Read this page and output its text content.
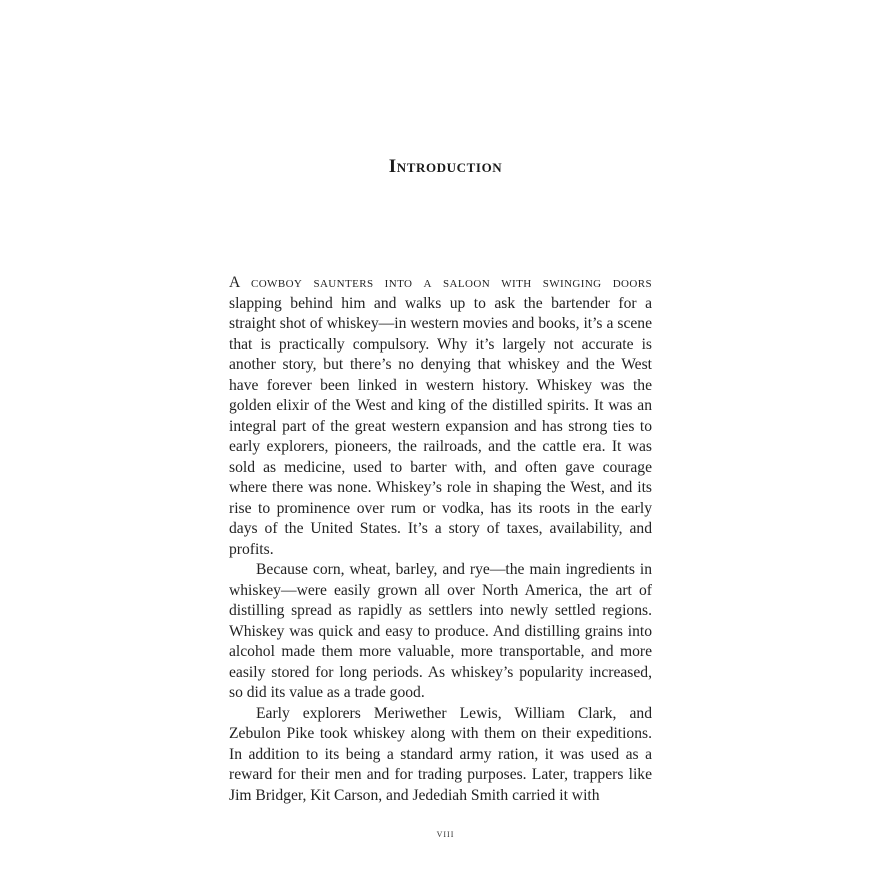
Introduction

A cowboy saunters into a saloon with swinging doors slapping behind him and walks up to ask the bartender for a straight shot of whiskey—in western movies and books, it’s a scene that is practically compulsory. Why it’s largely not accurate is another story, but there’s no denying that whiskey and the West have forever been linked in western history. Whiskey was the golden elixir of the West and king of the distilled spirits. It was an integral part of the great western expansion and has strong ties to early explorers, pioneers, the railroads, and the cattle era. It was sold as medicine, used to barter with, and often gave courage where there was none. Whiskey’s role in shaping the West, and its rise to prominence over rum or vodka, has its roots in the early days of the United States. It’s a story of taxes, availability, and profits.

Because corn, wheat, barley, and rye—the main ingredients in whiskey—were easily grown all over North America, the art of distilling spread as rapidly as settlers into newly settled regions. Whiskey was quick and easy to produce. And distilling grains into alcohol made them more valuable, more transportable, and more easily stored for long periods. As whiskey’s popularity increased, so did its value as a trade good.

Early explorers Meriwether Lewis, William Clark, and Zebulon Pike took whiskey along with them on their expeditions. In addition to its being a standard army ration, it was used as a reward for their men and for trading purposes. Later, trappers like Jim Bridger, Kit Carson, and Jedediah Smith carried it with

viii
